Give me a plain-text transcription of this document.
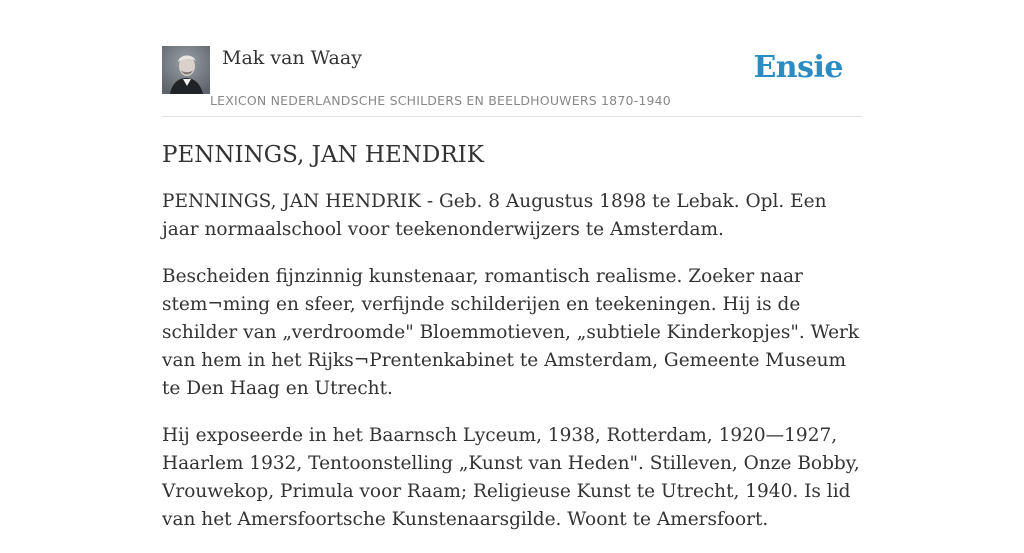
Mak van Waay
LEXICON NEDERLANDSCHE SCHILDERS EN BEELDHOUWERS 1870-1940
Ensie
PENNINGS, JAN HENDRIK

PENNINGS, JAN HENDRIK - Geb. 8 Augustus 1898 te Lebak. Opl. Een jaar normaalschool voor teekenonderwijzers te Amsterdam.

Bescheiden fijnzinnig kunstenaar, romantisch realisme. Zoeker naar stem¬ming en sfeer, verfijnde schilderijen en teekeningen. Hij is de schilder van „verdroomde" Bloemmotieven, „subtiele Kinderkopjes". Werk van hem in het Rijks¬Prentenkabinet te Amsterdam, Gemeente Museum te Den Haag en Utrecht.

Hij exposeerde in het Baarnsch Lyceum, 1938, Rotterdam, 1920—1927, Haarlem 1932, Tentoonstelling „Kunst van Heden". Stilleven, Onze Bobby, Vrouwekop, Primula voor Raam; Religieuse Kunst te Utrecht, 1940. Is lid van het Amersfoortsche Kunstenaarsgilde. Woont te Amersfoort.
